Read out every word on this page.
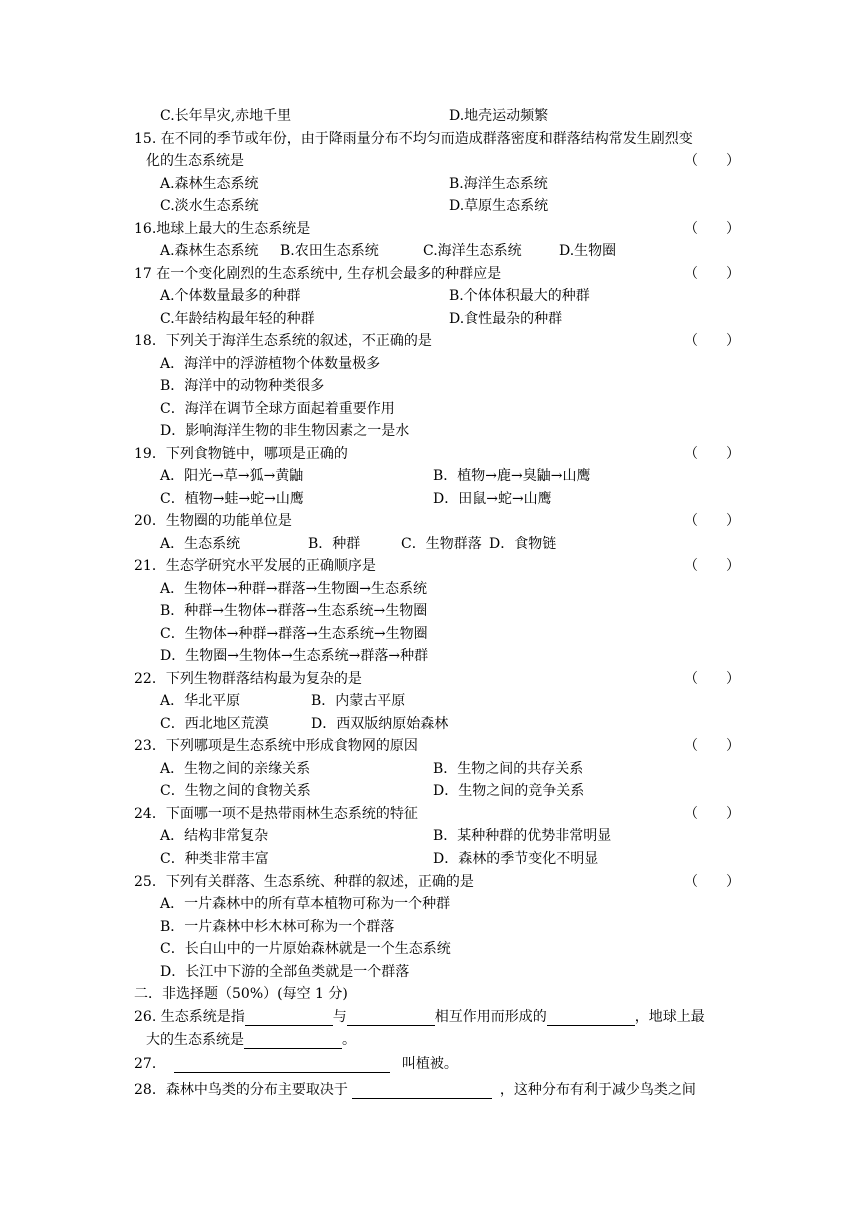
C.长年旱灾,赤地千里	D.地壳运动频繁
15. 在不同的季节或年份，由于降雨量分布不均匀而造成群落密度和群落结构常发生剧烈变
化的生态系统是	（　　）
A.森林生态系统	B.海洋生态系统
C.淡水生态系统	D.草原生态系统
16.地球上最大的生态系统是	（　　）
A.森林生态系统 B.农田生态系统	C.海洋生态系统	D.生物圈
17 在一个变化剧烈的生态系统中, 生存机会最多的种群应是	（　　）
A.个体数量最多的种群	B.个体体积最大的种群
C.年龄结构最年轻的种群	D.食性最杂的种群
18．下列关于海洋生态系统的叙述，不正确的是	（　　）
A．海洋中的浮游植物个体数量极多
B．海洋中的动物种类很多
C．海洋在调节全球方面起着重要作用
D．影响海洋生物的非生物因素之一是水
19．下列食物链中，哪项是正确的	（　　）
A．阳光→草→狐→黄鼬	B．植物→鹿→臭鼬→山鹰
C．植物→蛙→蛇→山鹰	D．田鼠→蛇→山鹰
20．生物圈的功能单位是	（　　）
A．生态系统	B．种群	C．生物群落 D．食物链
21．生态学研究水平发展的正确顺序是	（　　）
A．生物体→种群→群落→生物圈→生态系统
B．种群→生物体→群落→生态系统→生物圈
C．生物体→种群→群落→生态系统→生物圈
D．生物圈→生物体→生态系统→群落→种群
22．下列生物群落结构最为复杂的是	（　　）
A．华北平原	B．内蒙古平原
C．西北地区荒漠	D．西双版纳原始森林
23．下列哪项是生态系统中形成食物网的原因	（　　）
A．生物之间的亲缘关系	B．生物之间的共存关系
C．生物之间的食物关系	D．生物之间的竞争关系
24．下面哪一项不是热带雨林生态系统的特征	（　　）
A．结构非常复杂	B．某种种群的优势非常明显
C．种类非常丰富	D．森林的季节变化不明显
25．下列有关群落、生态系统、种群的叙述，正确的是	（　　）
A．一片森林中的所有草本植物可称为一个种群
B．一片森林中杉木林可称为一个群落
C．长白山中的一片原始森林就是一个生态系统
D．长江中下游的全部鱼类就是一个群落
二．非选择题（50%）(每空 1 分)
26. 生态系统是指	与	相互作用而形成的	，地球上最
大的生态系统是	。
27．	叫植被。
28．森林中鸟类的分布主要取决于	，这种分布有利于减少鸟类之间
